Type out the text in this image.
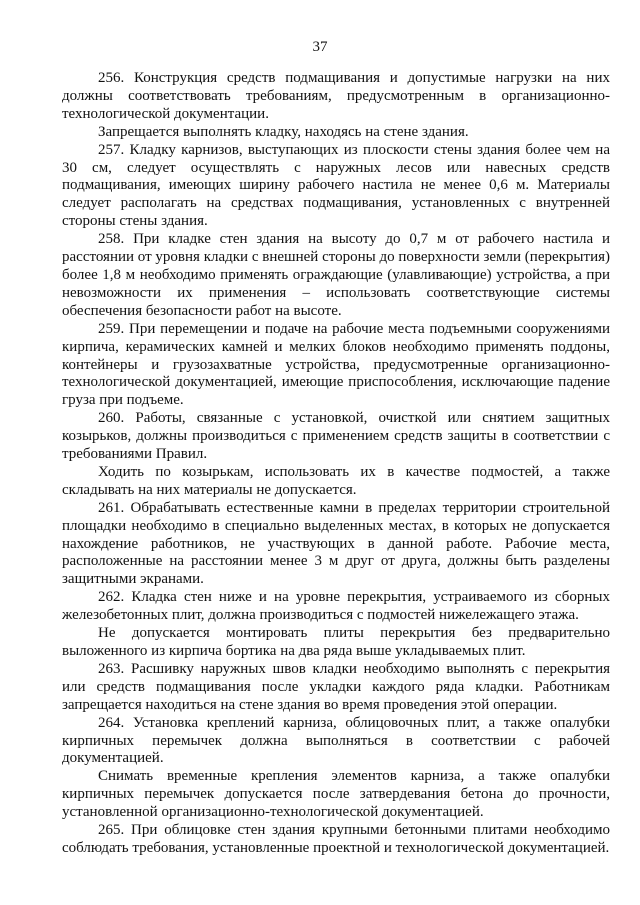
37

256. Конструкция средств подмащивания и допустимые нагрузки на них должны соответствовать требованиям, предусмотренным в организационно-технологической документации.

Запрещается выполнять кладку, находясь на стене здания.

257. Кладку карнизов, выступающих из плоскости стены здания более чем на 30 см, следует осуществлять с наружных лесов или навесных средств подмащивания, имеющих ширину рабочего настила не менее 0,6 м. Материалы следует располагать на средствах подмащивания, установленных с внутренней стороны стены здания.

258. При кладке стен здания на высоту до 0,7 м от рабочего настила и расстоянии от уровня кладки с внешней стороны до поверхности земли (перекрытия) более 1,8 м необходимо применять ограждающие (улавливающие) устройства, а при невозможности их применения – использовать соответствующие системы обеспечения безопасности работ на высоте.

259. При перемещении и подаче на рабочие места подъемными сооружениями кирпича, керамических камней и мелких блоков необходимо применять поддоны, контейнеры и грузозахватные устройства, предусмотренные организационно-технологической документацией, имеющие приспособления, исключающие падение груза при подъеме.

260. Работы, связанные с установкой, очисткой или снятием защитных козырьков, должны производиться с применением средств защиты в соответствии с требованиями Правил.

Ходить по козырькам, использовать их в качестве подмостей, а также складывать на них материалы не допускается.

261. Обрабатывать естественные камни в пределах территории строительной площадки необходимо в специально выделенных местах, в которых не допускается нахождение работников, не участвующих в данной работе. Рабочие места, расположенные на расстоянии менее 3 м друг от друга, должны быть разделены защитными экранами.

262. Кладка стен ниже и на уровне перекрытия, устраиваемого из сборных железобетонных плит, должна производиться с подмостей нижележащего этажа.

Не допускается монтировать плиты перекрытия без предварительно выложенного из кирпича бортика на два ряда выше укладываемых плит.

263. Расшивку наружных швов кладки необходимо выполнять с перекрытия или средств подмащивания после укладки каждого ряда кладки. Работникам запрещается находиться на стене здания во время проведения этой операции.

264. Установка креплений карниза, облицовочных плит, а также опалубки кирпичных перемычек должна выполняться в соответствии с рабочей документацией.

Снимать временные крепления элементов карниза, а также опалубки кирпичных перемычек допускается после затвердевания бетона до прочности, установленной организационно-технологической документацией.

265. При облицовке стен здания крупными бетонными плитами необходимо соблюдать требования, установленные проектной и технологической документацией.
